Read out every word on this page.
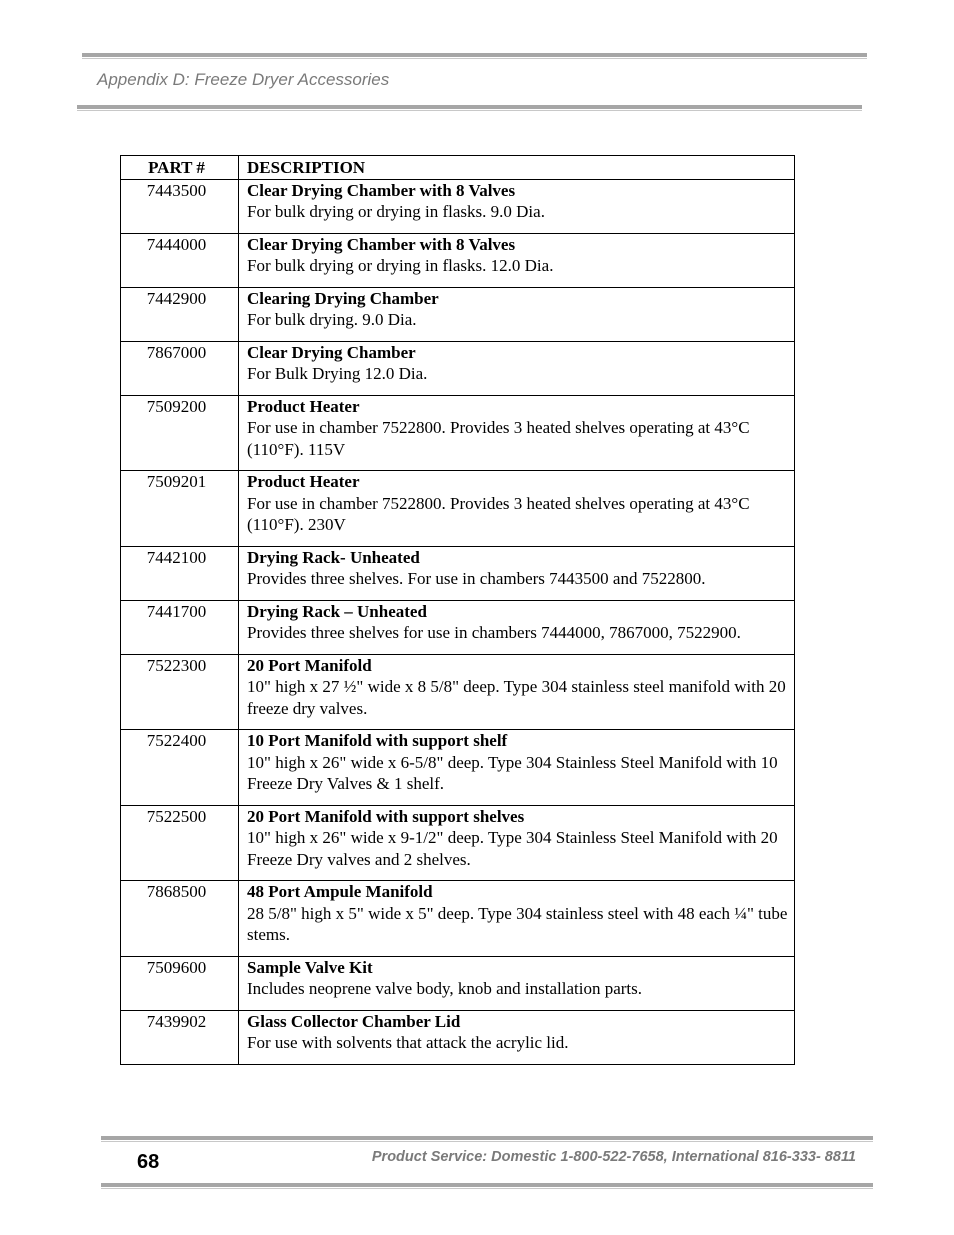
Appendix D: Freeze Dryer Accessories
PART #	DESCRIPTION
7443500	Clear Drying Chamber with 8 Valves
For bulk drying or drying in flasks. 9.0 Dia.

7444000	Clear Drying Chamber with 8 Valves
For bulk drying or drying in flasks. 12.0 Dia.

7442900	Clearing Drying Chamber
For bulk drying. 9.0 Dia.

7867000	Clear Drying Chamber
For Bulk Drying 12.0 Dia.

7509200	Product Heater
For use in chamber 7522800. Provides 3 heated shelves operating at 43°C (110°F). 115V

7509201	Product Heater
For use in chamber 7522800. Provides 3 heated shelves operating at 43°C (110°F). 230V

7442100	Drying Rack- Unheated
Provides three shelves. For use in chambers 7443500 and 7522800.

7441700	Drying Rack – Unheated
Provides three shelves for use in chambers 7444000, 7867000, 7522900.

7522300	20 Port Manifold
10" high x 27 ½" wide x 8 5/8" deep. Type 304 stainless steel manifold with 20 freeze dry valves.

7522400	10 Port Manifold with support shelf
10" high x 26" wide x 6-5/8" deep. Type 304 Stainless Steel Manifold with 10 Freeze Dry Valves & 1 shelf.

7522500	20 Port Manifold with support shelves
10" high x 26" wide x 9-1/2" deep. Type 304 Stainless Steel Manifold with 20 Freeze Dry valves and 2 shelves.

7868500	48 Port Ampule Manifold
28 5/8" high x 5" wide x 5" deep. Type 304 stainless steel with 48 each ¼" tube stems.

7509600	Sample Valve Kit
Includes neoprene valve body, knob and installation parts.

7439902	Glass Collector Chamber Lid
For use with solvents that attack the acrylic lid.
68	Product Service: Domestic 1-800-522-7658, International 816-333- 8811
